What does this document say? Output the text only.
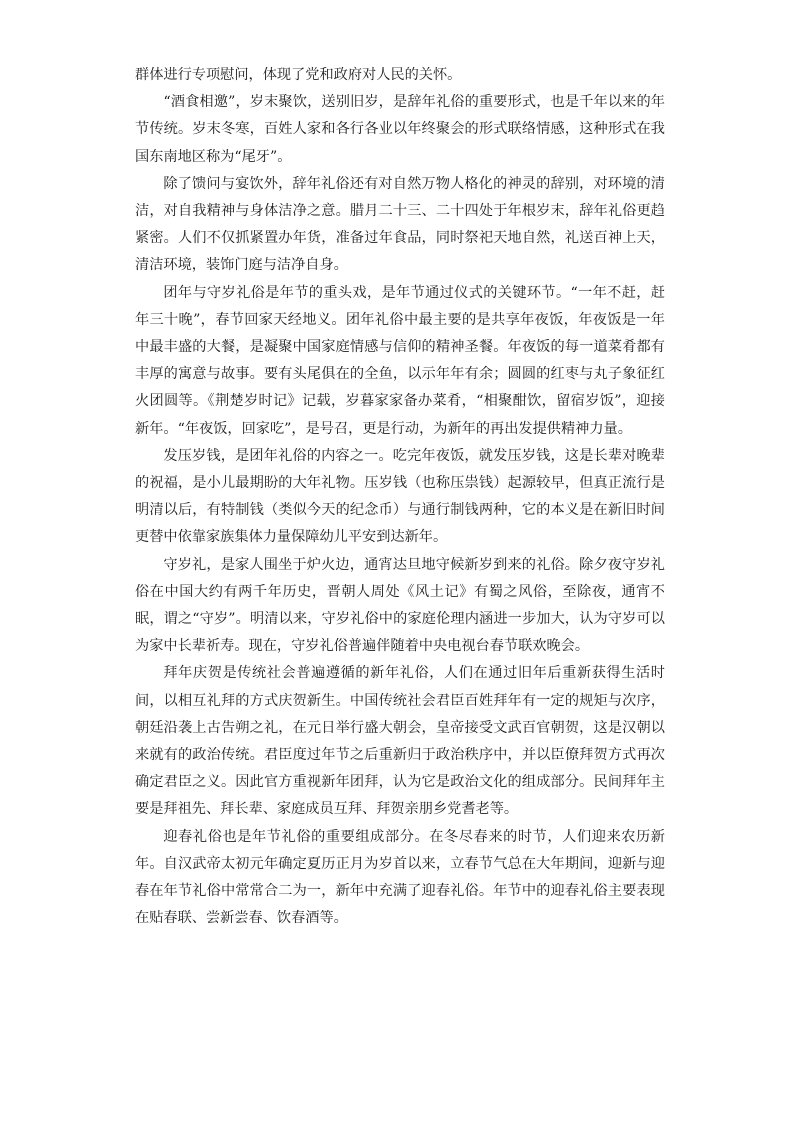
群体进行专项慰问，体现了党和政府对人民的关怀。

“酒食相邀”，岁末聚饮，送别旧岁，是辞年礼俗的重要形式，也是千年以来的年节传统。岁末冬寒，百姓人家和各行各业以年终聚会的形式联络情感，这种形式在我国东南地区称为“尾牙”。

除了馈问与宴饮外，辞年礼俗还有对自然万物人格化的神灵的辞别，对环境的清洁，对自我精神与身体洁净之意。腊月二十三、二十四处于年根岁末，辞年礼俗更趋紧密。人们不仅抓紧置办年货，准备过年食品，同时祭祀天地自然，礼送百神上天，清洁环境，装饰门庭与洁净自身。

团年与守岁礼俗是年节的重头戏，是年节通过仪式的关键环节。“一年不赶，赶年三十晚”，春节回家天经地义。团年礼俗中最主要的是共享年夜饭，年夜饭是一年中最丰盛的大餐，是凝聚中国家庭情感与信仰的精神圣餐。年夜饭的每一道菜肴都有丰厚的寓意与故事。要有头尾俱在的全鱼，以示年年有余；圆圆的红枣与丸子象征红火团圆等。《荆楚岁时记》记载，岁暮家家备办菜肴，“相聚酣饮，留宿岁饭”，迎接新年。“年夜饭，回家吃”，是号召，更是行动，为新年的再出发提供精神力量。

发压岁钱，是团年礼俗的内容之一。吃完年夜饭，就发压岁钱，这是长辈对晚辈的祝福，是小儿最期盼的大年礼物。压岁钱（也称压祟钱）起源较早，但真正流行是明清以后，有特制钱（类似今天的纪念币）与通行制钱两种，它的本义是在新旧时间更替中依靠家族集体力量保障幼儿平安到达新年。

守岁礼，是家人围坐于炉火边，通宵达旦地守候新岁到来的礼俗。除夕夜守岁礼俗在中国大约有两千年历史，晋朝人周处《风土记》有蜀之风俗，至除夜，通宵不眠，谓之“守岁”。明清以来，守岁礼俗中的家庭伦理内涵进一步加大，认为守岁可以为家中长辈祈寿。现在，守岁礼俗普遍伴随着中央电视台春节联欢晚会。

拜年庆贺是传统社会普遍遵循的新年礼俗，人们在通过旧年后重新获得生活时间，以相互礼拜的方式庆贺新生。中国传统社会君臣百姓拜年有一定的规矩与次序，朝廷沿袭上古告朔之礼，在元日举行盛大朝会，皇帝接受文武百官朝贺，这是汉朝以来就有的政治传统。君臣度过年节之后重新归于政治秩序中，并以臣僚拜贺方式再次确定君臣之义。因此官方重视新年团拜，认为它是政治文化的组成部分。民间拜年主要是拜祖先、拜长辈、家庭成员互拜、拜贺亲朋乡党耆老等。

迎春礼俗也是年节礼俗的重要组成部分。在冬尽春来的时节，人们迎来农历新年。自汉武帝太初元年确定夏历正月为岁首以来，立春节气总在大年期间，迎新与迎春在年节礼俗中常常合二为一，新年中充满了迎春礼俗。年节中的迎春礼俗主要表现在贴春联、尝新尝春、饮春酒等。
